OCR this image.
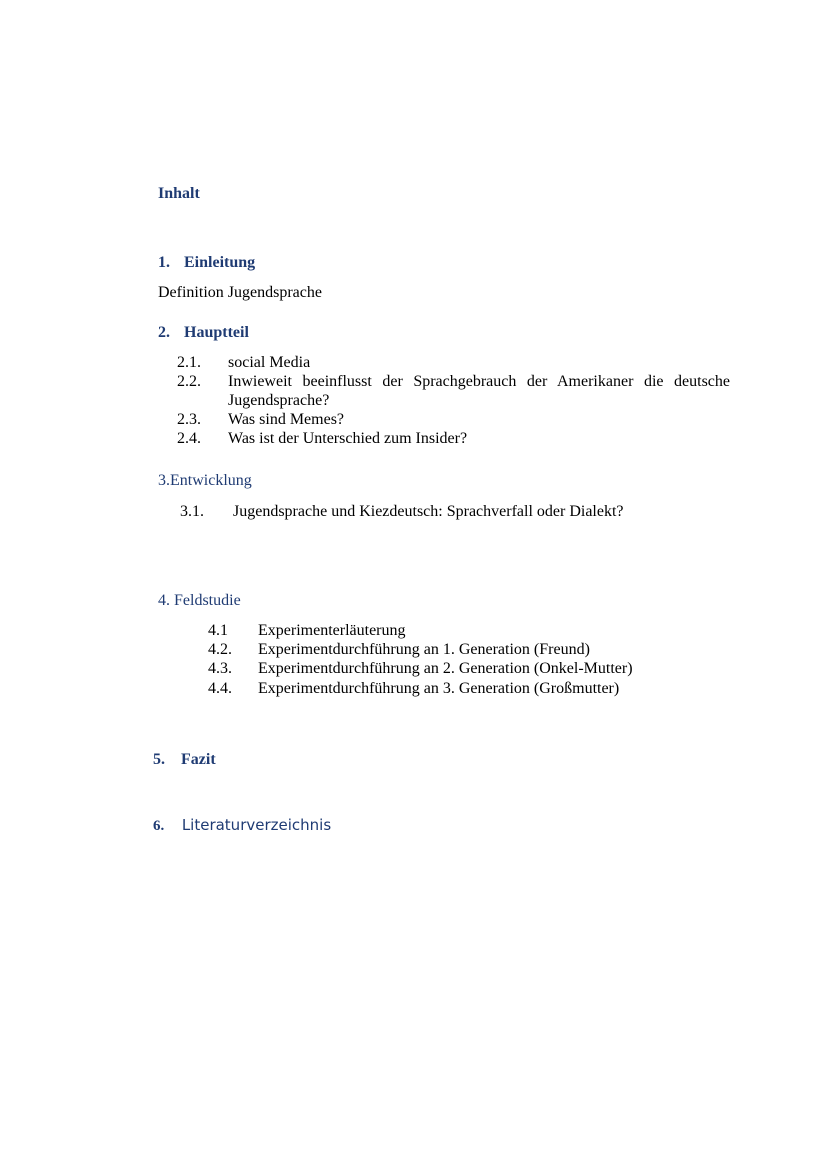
Inhalt
1. Einleitung
Definition Jugendsprache
2. Hauptteil
2.1. social Media
2.2.	Inwieweit beeinflusst der Sprachgebrauch der Amerikaner die deutsche
Jugendsprache?
2.3. Was sind Memes?
2.4. Was ist der Unterschied zum Insider?
3.Entwicklung
3.1. Jugendsprache und Kiezdeutsch: Sprachverfall oder Dialekt?
4. Feldstudie
4.1 Experimenterläuterung
4.2. Experimentdurchführung an 1. Generation (Freund)
4.3. Experimentdurchführung an 2. Generation (Onkel-Mutter)
4.4. Experimentdurchführung an 3. Generation (Großmutter)
5. Fazit
6. Literaturverzeichnis
